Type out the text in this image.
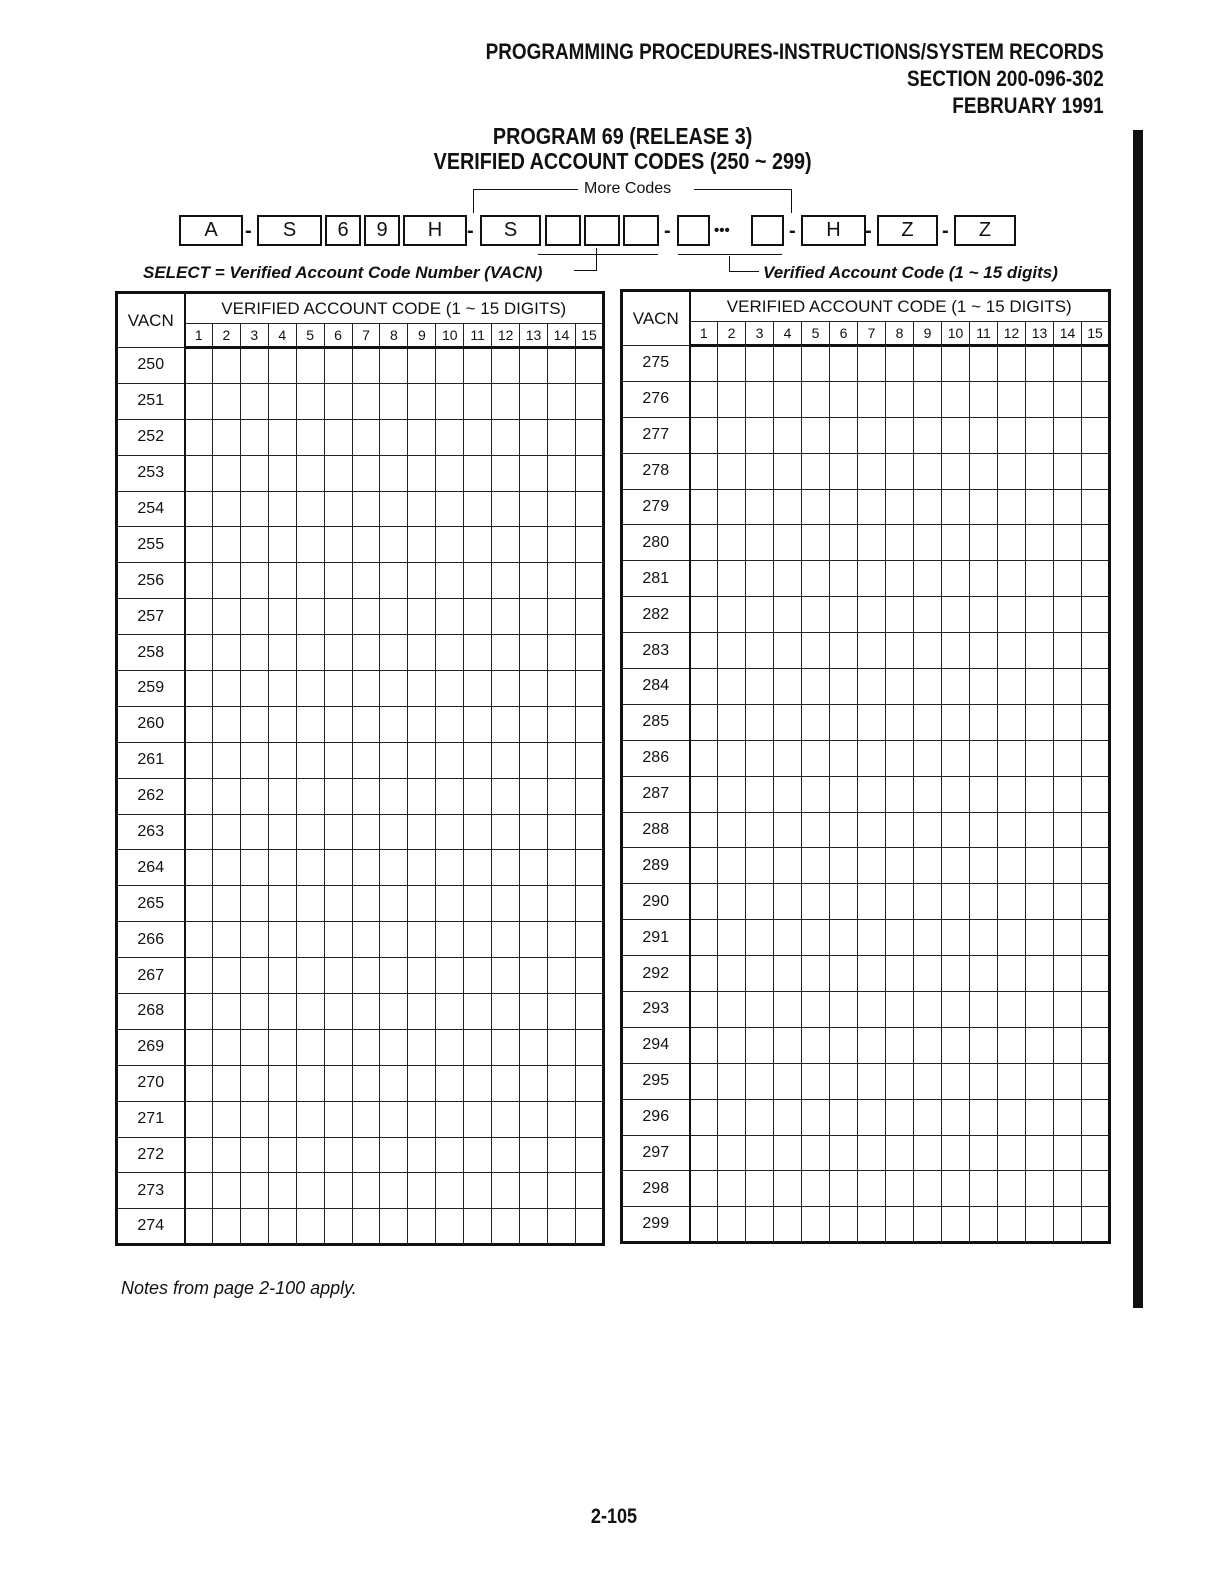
PROGRAMMING PROCEDURES-INSTRUCTIONS/SYSTEM RECORDS
SECTION 200-096-302
FEBRUARY 1991
PROGRAM 69 (RELEASE 3)
VERIFIED ACCOUNT CODES (250 ~ 299)
More Codes
A	S	6	9	H	S	H	Z	Z
-	-	-	-	-	-
•••
SELECT = Verified Account Code Number (VACN)	Verified Account Code (1 ~ 15 digits)
VACN	VERIFIED ACCOUNT CODE (1 ~ 15 DIGITS)														
	1	2	3	4	5	6	7	8	9	10	11	12	13	14	15
250															
251															
252															
253															
254															
255															
256															
257															
258															
259															
260															
261															
262															
263															
264															
265															
266															
267															
268															
269															
270															
271															
272															
273															
274															
VACN	VERIFIED ACCOUNT CODE (1 ~ 15 DIGITS)														
	1	2	3	4	5	6	7	8	9	10	11	12	13	14	15
275															
276															
277															
278															
279															
280															
281															
282															
283															
284															
285															
286															
287															
288															
289															
290															
291															
292															
293															
294															
295															
296															
297															
298															
299															
Notes from page 2-100 apply.
2-105
